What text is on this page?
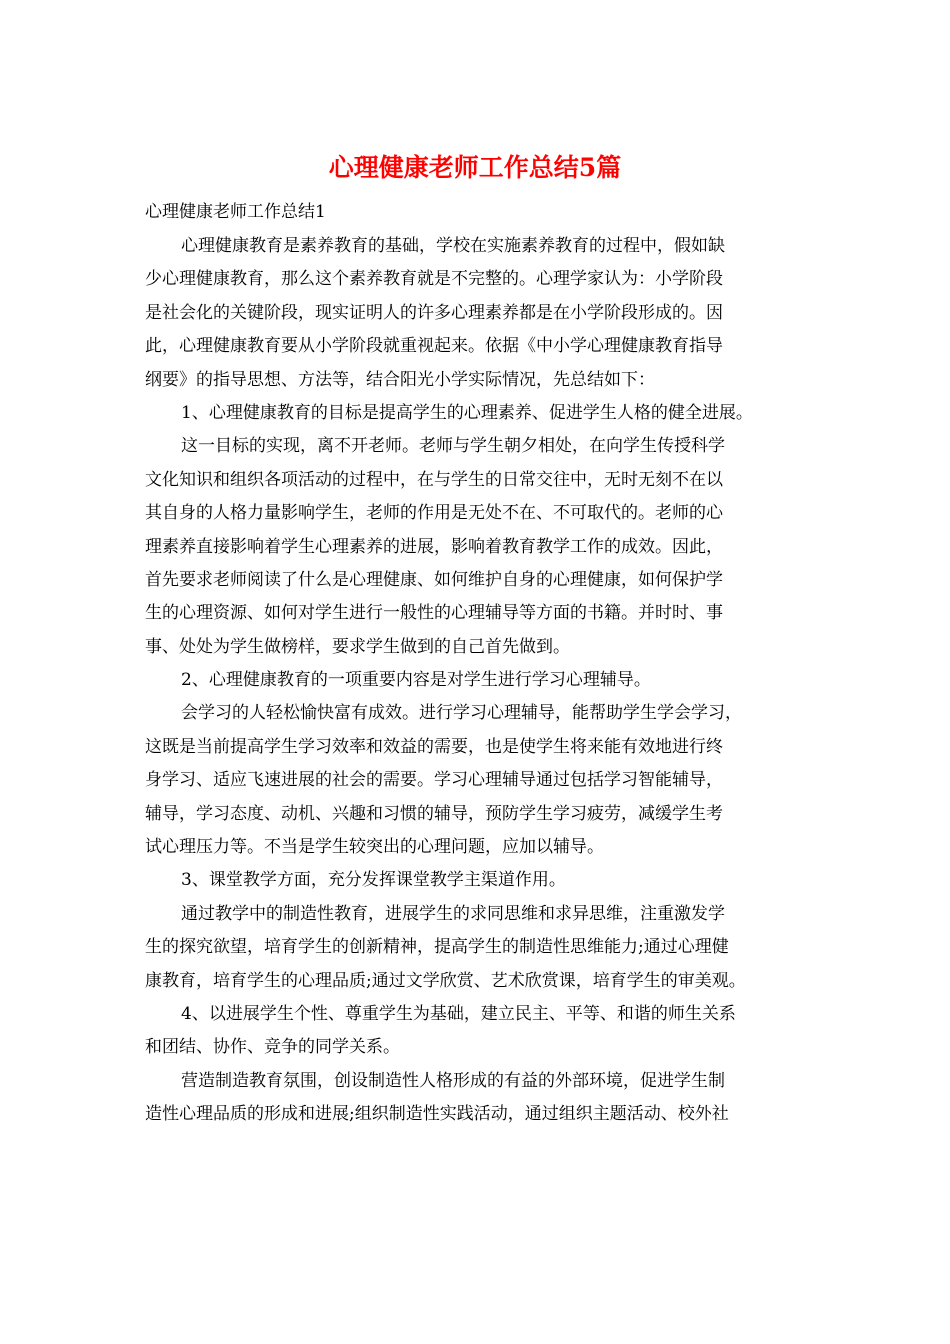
心理健康老师工作总结5篇

心理健康老师工作总结1

心理健康教育是素养教育的基础，学校在实施素养教育的过程中，假如缺

少心理健康教育，那么这个素养教育就是不完整的。心理学家认为：小学阶段

是社会化的关键阶段，现实证明人的许多心理素养都是在小学阶段形成的。因

此，心理健康教育要从小学阶段就重视起来。依据《中小学心理健康教育指导

纲要》的指导思想、方法等，结合阳光小学实际情况，先总结如下：

1、心理健康教育的目标是提高学生的心理素养、促进学生人格的健全进展。

这一目标的实现，离不开老师。老师与学生朝夕相处，在向学生传授科学

文化知识和组织各项活动的过程中，在与学生的日常交往中，无时无刻不在以

其自身的人格力量影响学生，老师的作用是无处不在、不可取代的。老师的心

理素养直接影响着学生心理素养的进展，影响着教育教学工作的成效。因此，

首先要求老师阅读了什么是心理健康、如何维护自身的心理健康，如何保护学

生的心理资源、如何对学生进行一般性的心理辅导等方面的书籍。并时时、事

事、处处为学生做榜样，要求学生做到的自己首先做到。

2、心理健康教育的一项重要内容是对学生进行学习心理辅导。

会学习的人轻松愉快富有成效。进行学习心理辅导，能帮助学生学会学习，

这既是当前提高学生学习效率和效益的需要，也是使学生将来能有效地进行终

身学习、适应飞速进展的社会的需要。学习心理辅导通过包括学习智能辅导，

辅导，学习态度、动机、兴趣和习惯的辅导，预防学生学习疲劳，减缓学生考

试心理压力等。不当是学生较突出的心理问题，应加以辅导。

3、课堂教学方面，充分发挥课堂教学主渠道作用。

通过教学中的制造性教育，进展学生的求同思维和求异思维，注重激发学

生的探究欲望，培育学生的创新精神，提高学生的制造性思维能力;通过心理健

康教育，培育学生的心理品质;通过文学欣赏、艺术欣赏课，培育学生的审美观。

4、以进展学生个性、尊重学生为基础，建立民主、平等、和谐的师生关系

和团结、协作、竞争的同学关系。

营造制造教育氛围，创设制造性人格形成的有益的外部环境，促进学生制

造性心理品质的形成和进展;组织制造性实践活动，通过组织主题活动、校外社
